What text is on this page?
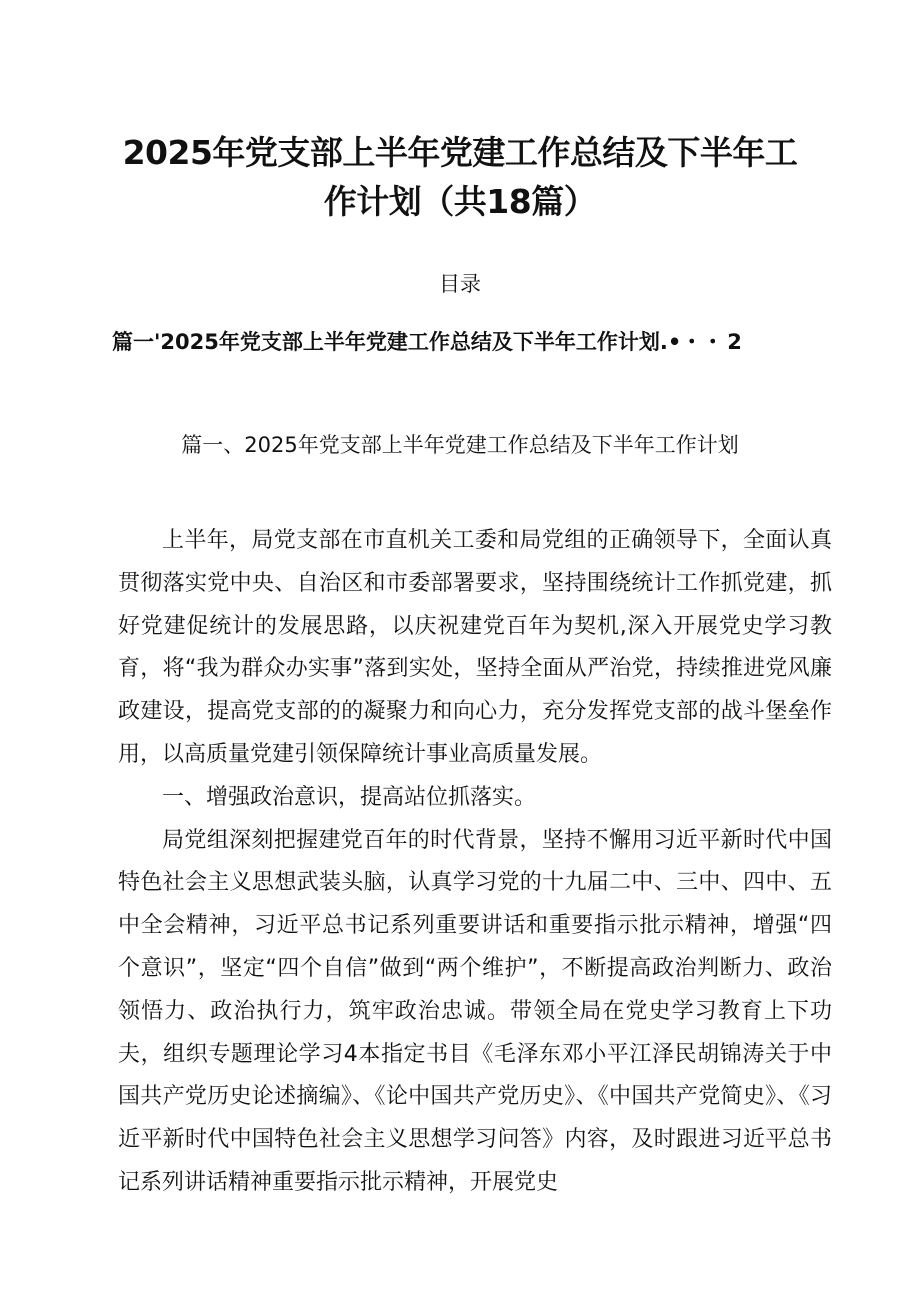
2025年党支部上半年党建工作总结及下半年工
作计划（共18篇）
目录
篇一'2025年党支部上半年党建工作总结及下半年工作计划.•・・ 2
篇一、2025年党支部上半年党建工作总结及下半年工作计划

上半年，局党支部在市直机关工委和局党组的正确领导下，全面认真贯彻落实党中央、自治区和市委部署要求，坚持围绕统计工作抓党建，抓好党建促统计的发展思路，以庆祝建党百年为契机,深入开展党史学习教育，将“我为群众办实事”落到实处，坚持全面从严治党，持续推进党风廉政建设，提高党支部的的凝聚力和向心力，充分发挥党支部的战斗堡垒作用，以高质量党建引领保障统计事业高质量发展。

一、增强政治意识，提高站位抓落实。

局党组深刻把握建党百年的时代背景，坚持不懈用习近平新时代中国特色社会主义思想武装头脑，认真学习党的十九届二中、三中、四中、五中全会精神，习近平总书记系列重要讲话和重要指示批示精神，增强“四个意识”，坚定“四个自信”做到“两个维护”，不断提高政治判断力、政治领悟力、政治执行力，筑牢政治忠诚。带领全局在党史学习教育上下功夫，组织专题理论学习4本指定书目《毛泽东邓小平江泽民胡锦涛关于中国共产党历史论述摘编》、《论中国共产党历史》、《中国共产党简史》、《习近平新时代中国特色社会主义思想学习问答》内容，及时跟进习近平总书记系列讲话精神重要指示批示精神，开展党史
